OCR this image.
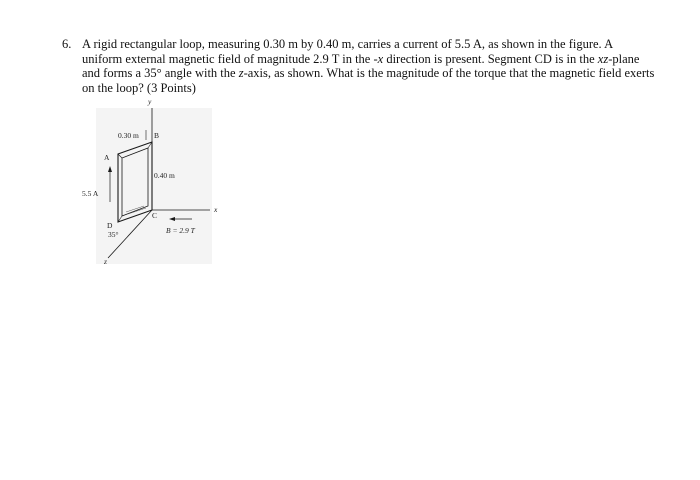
6. A rigid rectangular loop, measuring 0.30 m by 0.40 m, carries a current of 5.5 A, as shown in the figure. A
uniform external magnetic field of magnitude 2.9 T in the -x direction is present. Segment CD is in the xz-plane
and forms a 35° angle with the z-axis, as shown. What is the magnitude of the torque that the magnetic field exerts
on the loop? (3 Points)
y
x
z
0.30 m B
0.40 m
A
C
D
35°
5.5 A
B = 2.9 T
